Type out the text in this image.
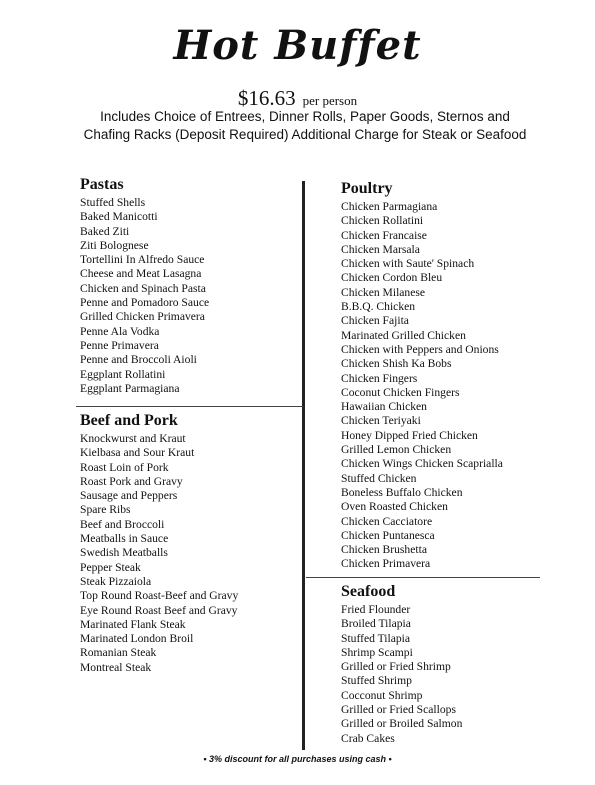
Hot Buffet
$16.63 per person
Includes Choice of Entrees, Dinner Rolls, Paper Goods, Sternos and
Chafing Racks (Deposit Required) Additional Charge for Steak or Seafood
Pastas
Stuffed Shells
Baked Manicotti
Baked Ziti
Ziti Bolognese
Tortellini In Alfredo Sauce
Cheese and Meat Lasagna
Chicken and Spinach Pasta
Penne and Pomadoro Sauce
Grilled Chicken Primavera
Penne Ala Vodka
Penne Primavera
Penne and Broccoli Aioli
Eggplant Rollatini
Eggplant Parmagiana
Beef and Pork
Knockwurst and Kraut
Kielbasa and Sour Kraut
Roast Loin of Pork
Roast Pork and Gravy
Sausage and Peppers
Spare Ribs
Beef and Broccoli
Meatballs in Sauce
Swedish Meatballs
Pepper Steak
Steak Pizzaiola
Top Round Roast-Beef and Gravy
Eye Round Roast Beef and Gravy
Marinated Flank Steak
Marinated London Broil
Romanian Steak
Montreal Steak
Poultry
Chicken Parmagiana
Chicken Rollatini
Chicken Francaise
Chicken Marsala
Chicken with Saute' Spinach
Chicken Cordon Bleu
Chicken Milanese
B.B.Q. Chicken
Chicken Fajita
Marinated Grilled Chicken
Chicken with Peppers and Onions
Chicken Shish Ka Bobs
Chicken Fingers
Coconut Chicken Fingers
Hawaiian Chicken
Chicken Teriyaki
Honey Dipped Fried Chicken
Grilled Lemon Chicken
Chicken Wings Chicken Scaprialla
Stuffed Chicken
Boneless Buffalo Chicken
Oven Roasted Chicken
Chicken Cacciatore
Chicken Puntanesca
Chicken Brushetta
Chicken Primavera
Seafood
Fried Flounder
Broiled Tilapia
Stuffed Tilapia
Shrimp Scampi
Grilled or Fried Shrimp
Stuffed Shrimp
Cocconut Shrimp
Grilled or Fried Scallops
Grilled or Broiled Salmon
Crab Cakes
• 3% discount for all purchases using cash •
